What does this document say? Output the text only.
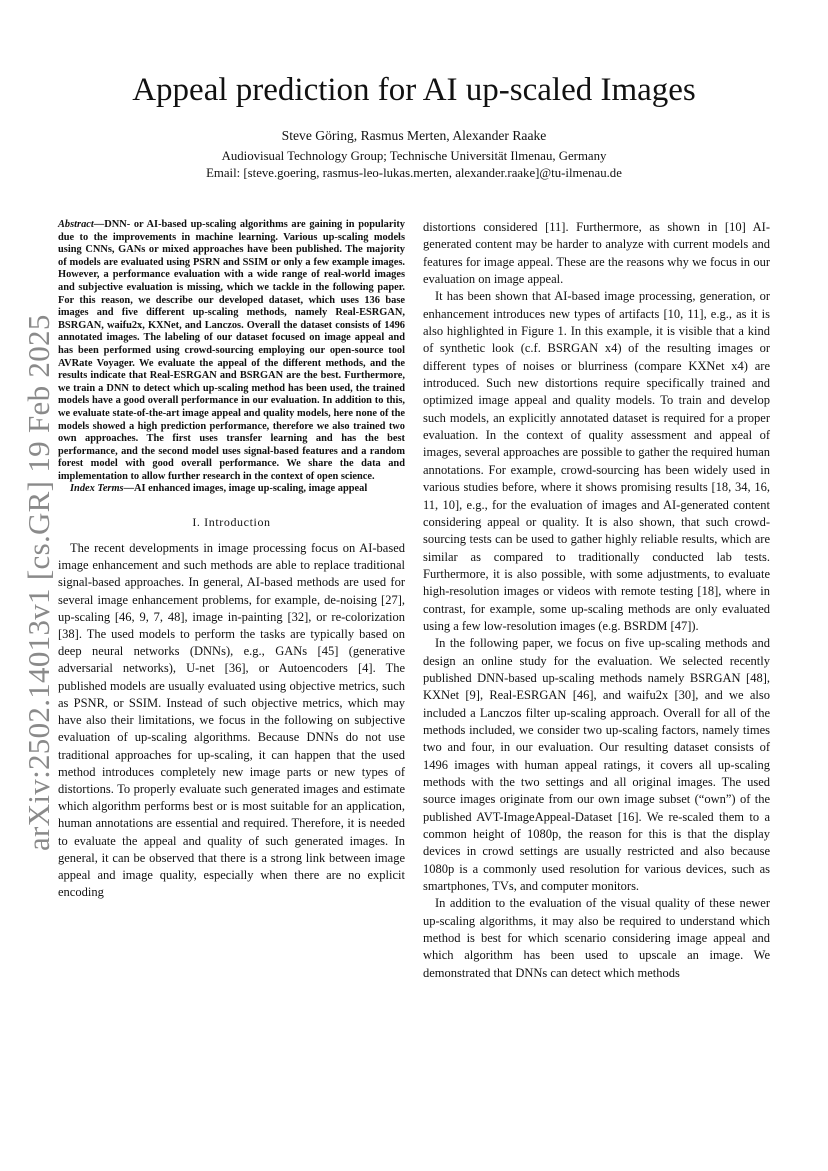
Appeal prediction for AI up-scaled Images
Steve Göring, Rasmus Merten, Alexander Raake
Audiovisual Technology Group; Technische Universität Ilmenau, Germany
Email: [steve.goering, rasmus-leo-lukas.merten, alexander.raake]@tu-ilmenau.de
arXiv:2502.14013v1 [cs.GR] 19 Feb 2025

Abstract—DNN- or AI-based up-scaling algorithms are gaining in popularity due to the improvements in machine learning. Various up-scaling models using CNNs, GANs or mixed approaches have been published. The majority of models are evaluated using PSRN and SSIM or only a few example images. However, a performance evaluation with a wide range of real-world images and subjective evaluation is missing, which we tackle in the following paper. For this reason, we describe our developed dataset, which uses 136 base images and five different up-scaling methods, namely Real-ESRGAN, BSRGAN, waifu2x, KXNet, and Lanczos. Overall the dataset consists of 1496 annotated images. The labeling of our dataset focused on image appeal and has been performed using crowd-sourcing employing our open-source tool AVRate Voyager. We evaluate the appeal of the different methods, and the results indicate that Real-ESRGAN and BSRGAN are the best. Furthermore, we train a DNN to detect which up-scaling method has been used, the trained models have a good overall performance in our evaluation. In addition to this, we evaluate state-of-the-art image appeal and quality models, here none of the models showed a high prediction performance, therefore we also trained two own approaches. The first uses transfer learning and has the best performance, and the second model uses signal-based features and a random forest model with good overall performance. We share the data and implementation to allow further research in the context of open science.

Index Terms—AI enhanced images, image up-scaling, image appeal

I. Introduction

The recent developments in image processing focus on AI-based image enhancement and such methods are able to replace traditional signal-based approaches. In general, AI-based methods are used for several image enhancement problems, for example, de-noising [27], up-scaling [46, 9, 7, 48], image in-painting [32], or re-colorization [38]. The used models to perform the tasks are typically based on deep neural networks (DNNs), e.g., GANs [45] (generative adversarial networks), U-net [36], or Autoencoders [4]. The published models are usually evaluated using objective metrics, such as PSNR, or SSIM. Instead of such objective metrics, which may have also their limitations, we focus in the following on subjective evaluation of up-scaling algorithms. Because DNNs do not use traditional approaches for up-scaling, it can happen that the used method introduces completely new image parts or new types of distortions. To properly evaluate such generated images and estimate which algorithm performs best or is most suitable for an application, human annotations are essential and required. Therefore, it is needed to evaluate the appeal and quality of such generated images. In general, it can be observed that there is a strong link between image appeal and image quality, especially when there are no explicit encoding

distortions considered [11]. Furthermore, as shown in [10] AI-generated content may be harder to analyze with current models and features for image appeal. These are the reasons why we focus in our evaluation on image appeal.

It has been shown that AI-based image processing, generation, or enhancement introduces new types of artifacts [10, 11], e.g., as it is also highlighted in Figure 1. In this example, it is visible that a kind of synthetic look (c.f. BSRGAN x4) of the resulting images or different types of noises or blurriness (compare KXNet x4) are introduced. Such new distortions require specifically trained and optimized image appeal and quality models. To train and develop such models, an explicitly annotated dataset is required for a proper evaluation. In the context of quality assessment and appeal of images, several approaches are possible to gather the required human annotations. For example, crowd-sourcing has been widely used in various studies before, where it shows promising results [18, 34, 16, 11, 10], e.g., for the evaluation of images and AI-generated content considering appeal or quality. It is also shown, that such crowd-sourcing tests can be used to gather highly reliable results, which are similar as compared to traditionally conducted lab tests. Furthermore, it is also possible, with some adjustments, to evaluate high-resolution images or videos with remote testing [18], where in contrast, for example, some up-scaling methods are only evaluated using a few low-resolution images (e.g. BSRDM [47]).

In the following paper, we focus on five up-scaling methods and design an online study for the evaluation. We selected recently published DNN-based up-scaling methods namely BSRGAN [48], KXNet [9], Real-ESRGAN [46], and waifu2x [30], and we also included a Lanczos filter up-scaling approach. Overall for all of the methods included, we consider two up-scaling factors, namely times two and four, in our evaluation. Our resulting dataset consists of 1496 images with human appeal ratings, it covers all up-scaling methods with the two settings and all original images. The used source images originate from our own image subset (“own”) of the published AVT-ImageAppeal-Dataset [16]. We re-scaled them to a common height of 1080p, the reason for this is that the display devices in crowd settings are usually restricted and also because 1080p is a commonly used resolution for various devices, such as smartphones, TVs, and computer monitors.

In addition to the evaluation of the visual quality of these newer up-scaling algorithms, it may also be required to understand which method is best for which scenario considering image appeal and which algorithm has been used to upscale an image. We demonstrated that DNNs can detect which methods
